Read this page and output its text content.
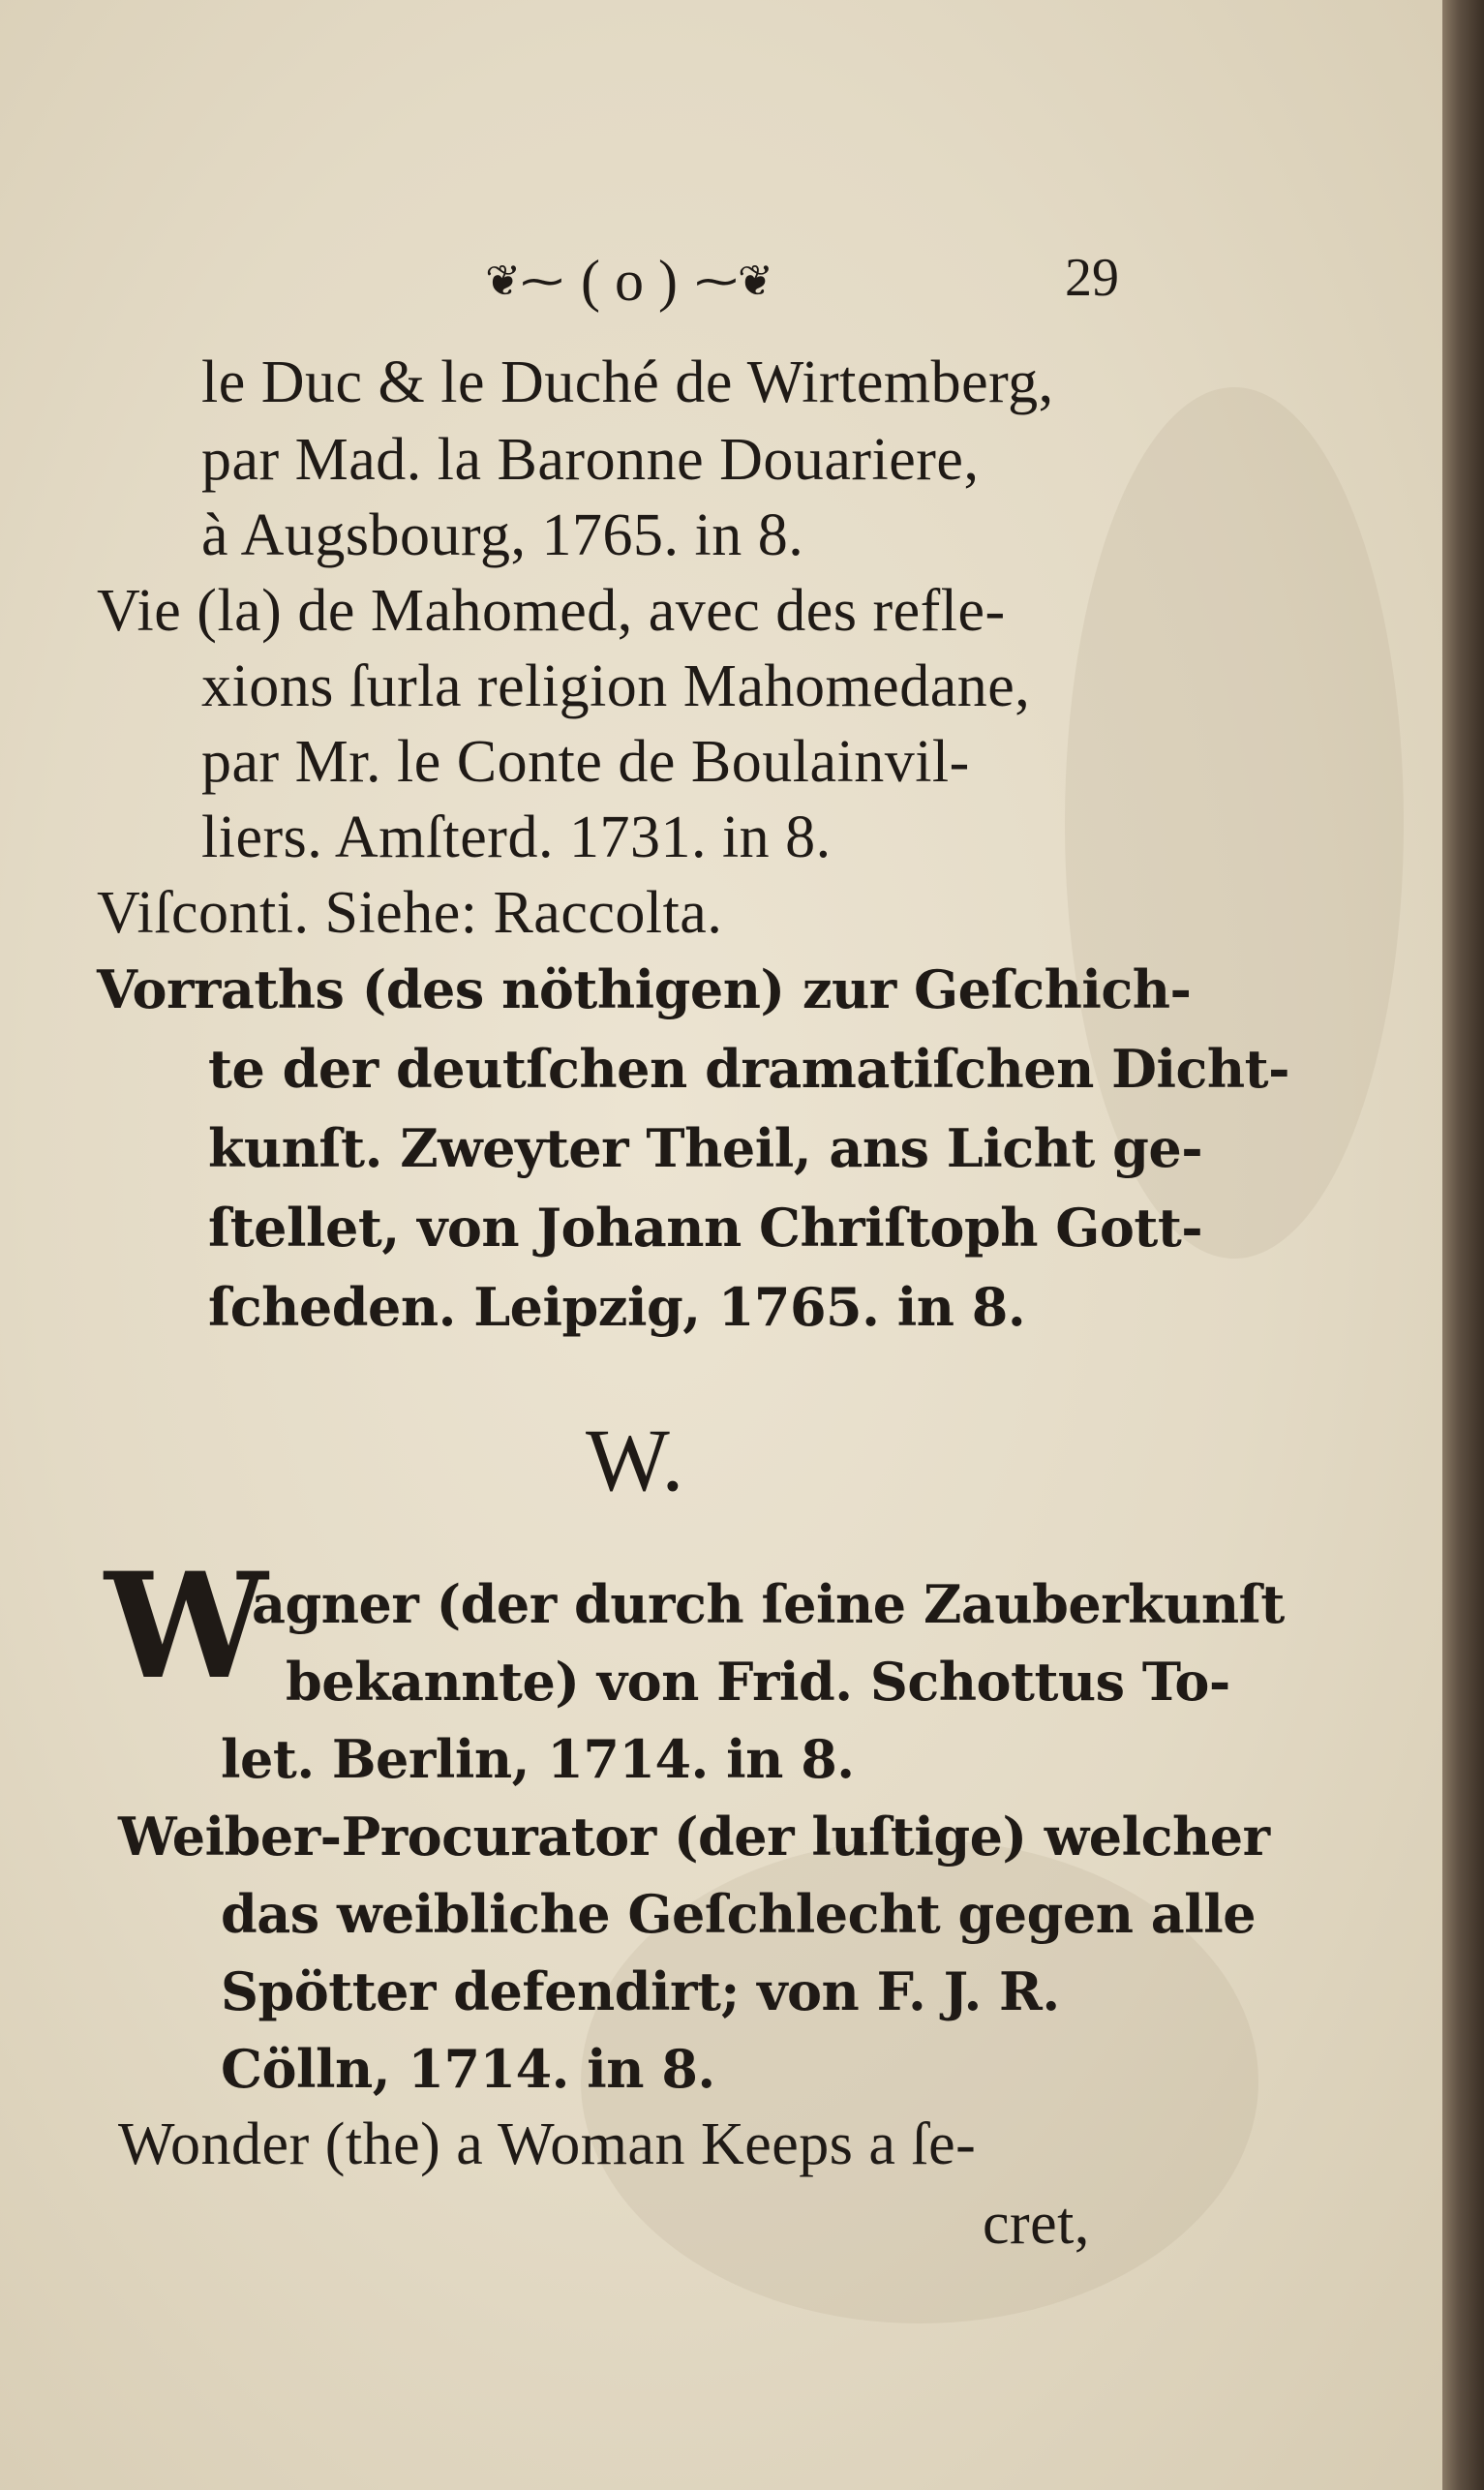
❦⁓ ( o ) ⁓❦	29
le Duc & le Duché de Wirtemberg,
par Mad. la Baronne Douariere,
à Augsbourg, 1765. in 8.
Vie (la) de Mahomed, avec des refle-
xions ſurla religion Mahomedane,
par Mr. le Conte de Boulainvil-
liers. Amſterd. 1731. in 8.
Viſconti. Siehe: Raccolta.
Vorraths (des nöthigen) zur Geſchich-
te der deutſchen dramatiſchen Dicht-
kunſt. Zweyter Theil, ans Licht ge-
ſtellet, von Johann Chriſtoph Gott-
ſcheden. Leipzig, 1765. in 8.
W.
W
agner (der durch ſeine Zauberkunſt
bekannte) von Frid. Schottus To-
let. Berlin, 1714. in 8.
Weiber-Procurator (der luſtige) welcher
das weibliche Geſchlecht gegen alle
Spötter defendirt; von F. J. R.
Cölln, 1714. in 8.
Wonder (the) a Woman Keeps a ſe-
cret,
